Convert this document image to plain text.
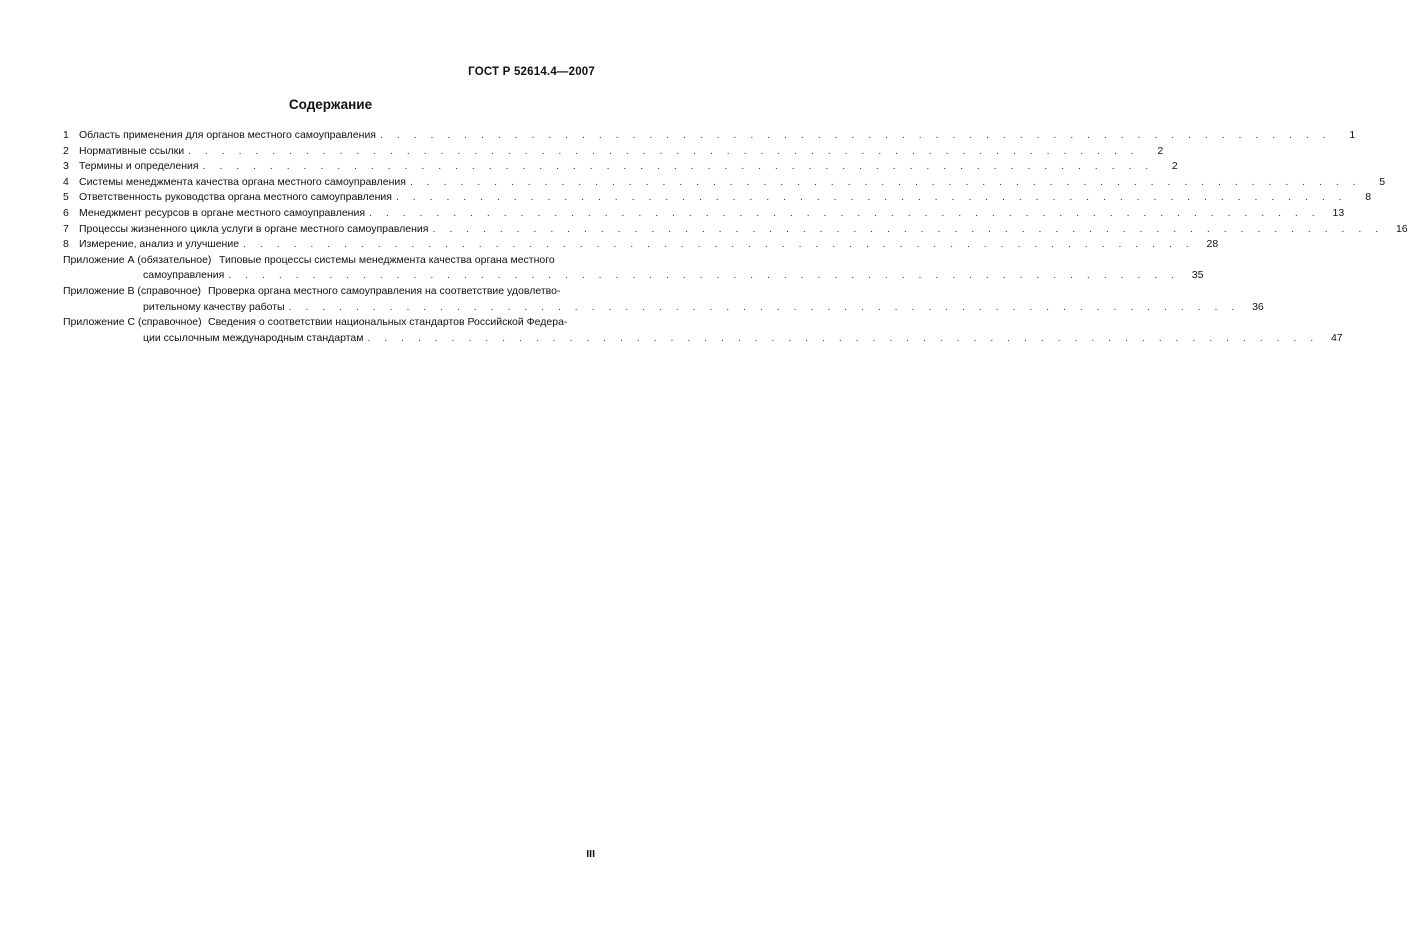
ГОСТ Р 52614.4—2007
Содержание
1 Область применения для органов местного самоуправления . . . . . . . . . . . . . . . . . . . . . . . . . . . . . . . . . . . . . . . . . . . . . . . . . . . . . . . . .	1
2 Нормативные ссылки . . . . . . . . . . . . . . . . . . . . . . . . . . . . . . . . . . . . . . . . . . . . . . . . . . . . . . . . .	2
3 Термины и определения . . . . . . . . . . . . . . . . . . . . . . . . . . . . . . . . . . . . . . . . . . . . . . . . . . . . . . . . .	2
4 Системы менеджмента качества органа местного самоуправления . . . . . . . . . . . . . . . . . . . . . . . . . . . . . . . . . . . . . . . . . . . . . . . . . . . . . . . . .	5
5 Ответственность руководства органа местного самоуправления . . . . . . . . . . . . . . . . . . . . . . . . . . . . . . . . . . . . . . . . . . . . . . . . . . . . . . . . .	8
6 Менеджмент ресурсов в органе местного самоуправления . . . . . . . . . . . . . . . . . . . . . . . . . . . . . . . . . . . . . . . . . . . . . . . . . . . . . . . . .	13
7 Процессы жизненного цикла услуги в органе местного самоуправления . . . . . . . . . . . . . . . . . . . . . . . . . . . . . . . . . . . . . . . . . . . . . . . . . . . . . . . . .	16
8 Измерение, анализ и улучшение . . . . . . . . . . . . . . . . . . . . . . . . . . . . . . . . . . . . . . . . . . . . . . . . . . . . . . . . .	28
Приложение А (обязательное) Типовые процессы системы менеджмента качества органа местного
самоуправления . . . . . . . . . . . . . . . . . . . . . . . . . . . . . . . . . . . . . . . . . . . . . . . . . . . . . . . . .	35
Приложение В (справочное) Проверка органа местного самоуправления на соответствие удовлетво-
рительному качеству работы . . . . . . . . . . . . . . . . . . . . . . . . . . . . . . . . . . . . . . . . . . . . . . . . . . . . . . . . .	36
Приложение С (справочное) Сведения о соответствии национальных стандартов Российской Федера-
ции ссылочным международным стандартам . . . . . . . . . . . . . . . . . . . . . . . . . . . . . . . . . . . . . . . . . . . . . . . . . . . . . . . . .	47
III
